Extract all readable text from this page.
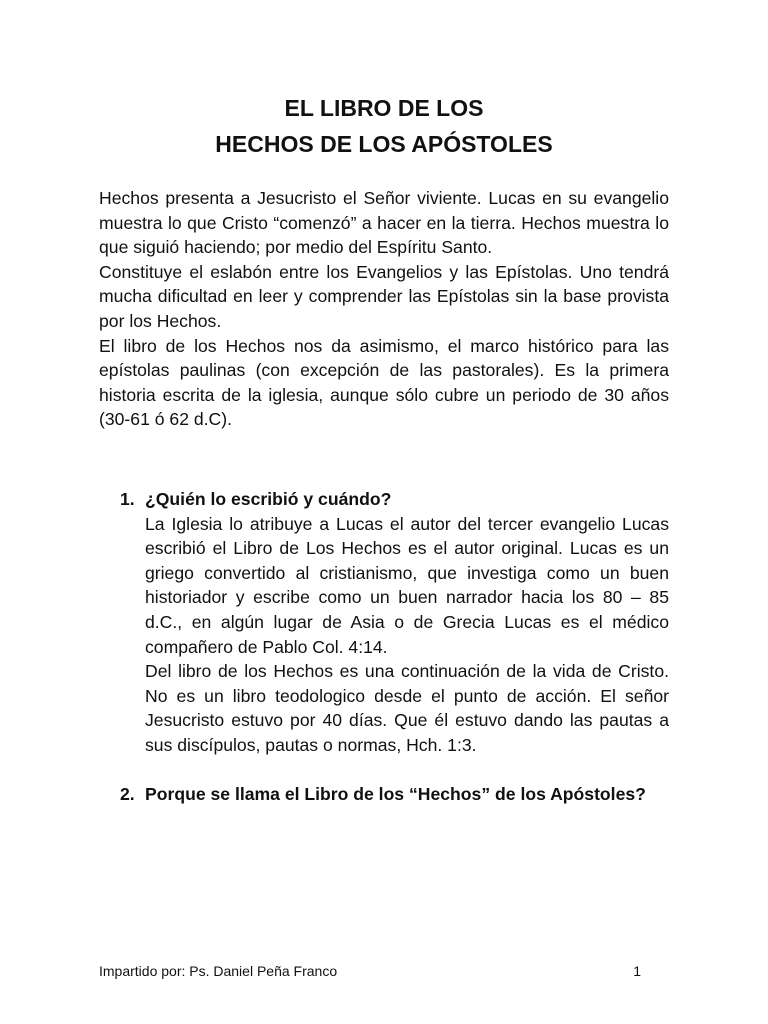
EL LIBRO DE LOS
HECHOS DE LOS APÓSTOLES

Hechos presenta a Jesucristo el Señor viviente. Lucas en su evangelio muestra lo que Cristo “comenzó” a hacer en la tierra. Hechos muestra lo que siguió haciendo; por medio del Espíritu Santo.

Constituye el eslabón entre los Evangelios y las Epístolas. Uno tendrá mucha dificultad en leer y comprender las Epístolas sin la base provista por los Hechos.

El libro de los Hechos nos da asimismo, el marco histórico para las epístolas paulinas (con excepción de las pastorales). Es la primera historia escrita de la iglesia, aunque sólo cubre un periodo de 30 años (30-61 ó 62 d.C).

1. ¿Quién lo escribió y cuándo?

La Iglesia lo atribuye a Lucas el autor del tercer evangelio Lucas escribió el Libro de Los Hechos es el autor original. Lucas es un griego convertido al cristianismo, que investiga como un buen historiador y escribe como un buen narrador hacia los 80 – 85 d.C., en algún lugar de Asia o de Grecia Lucas es el médico compañero de Pablo Col. 4:14.

Del libro de los Hechos es una continuación de la vida de Cristo. No es un libro teodologico desde el punto de acción. El señor Jesucristo estuvo por 40 días. Que él estuvo dando las pautas a sus discípulos, pautas o normas, Hch. 1:3.

2. Porque se llama el Libro de los “Hechos” de los Apóstoles?
Impartido por: Ps. Daniel Peña Franco	1
